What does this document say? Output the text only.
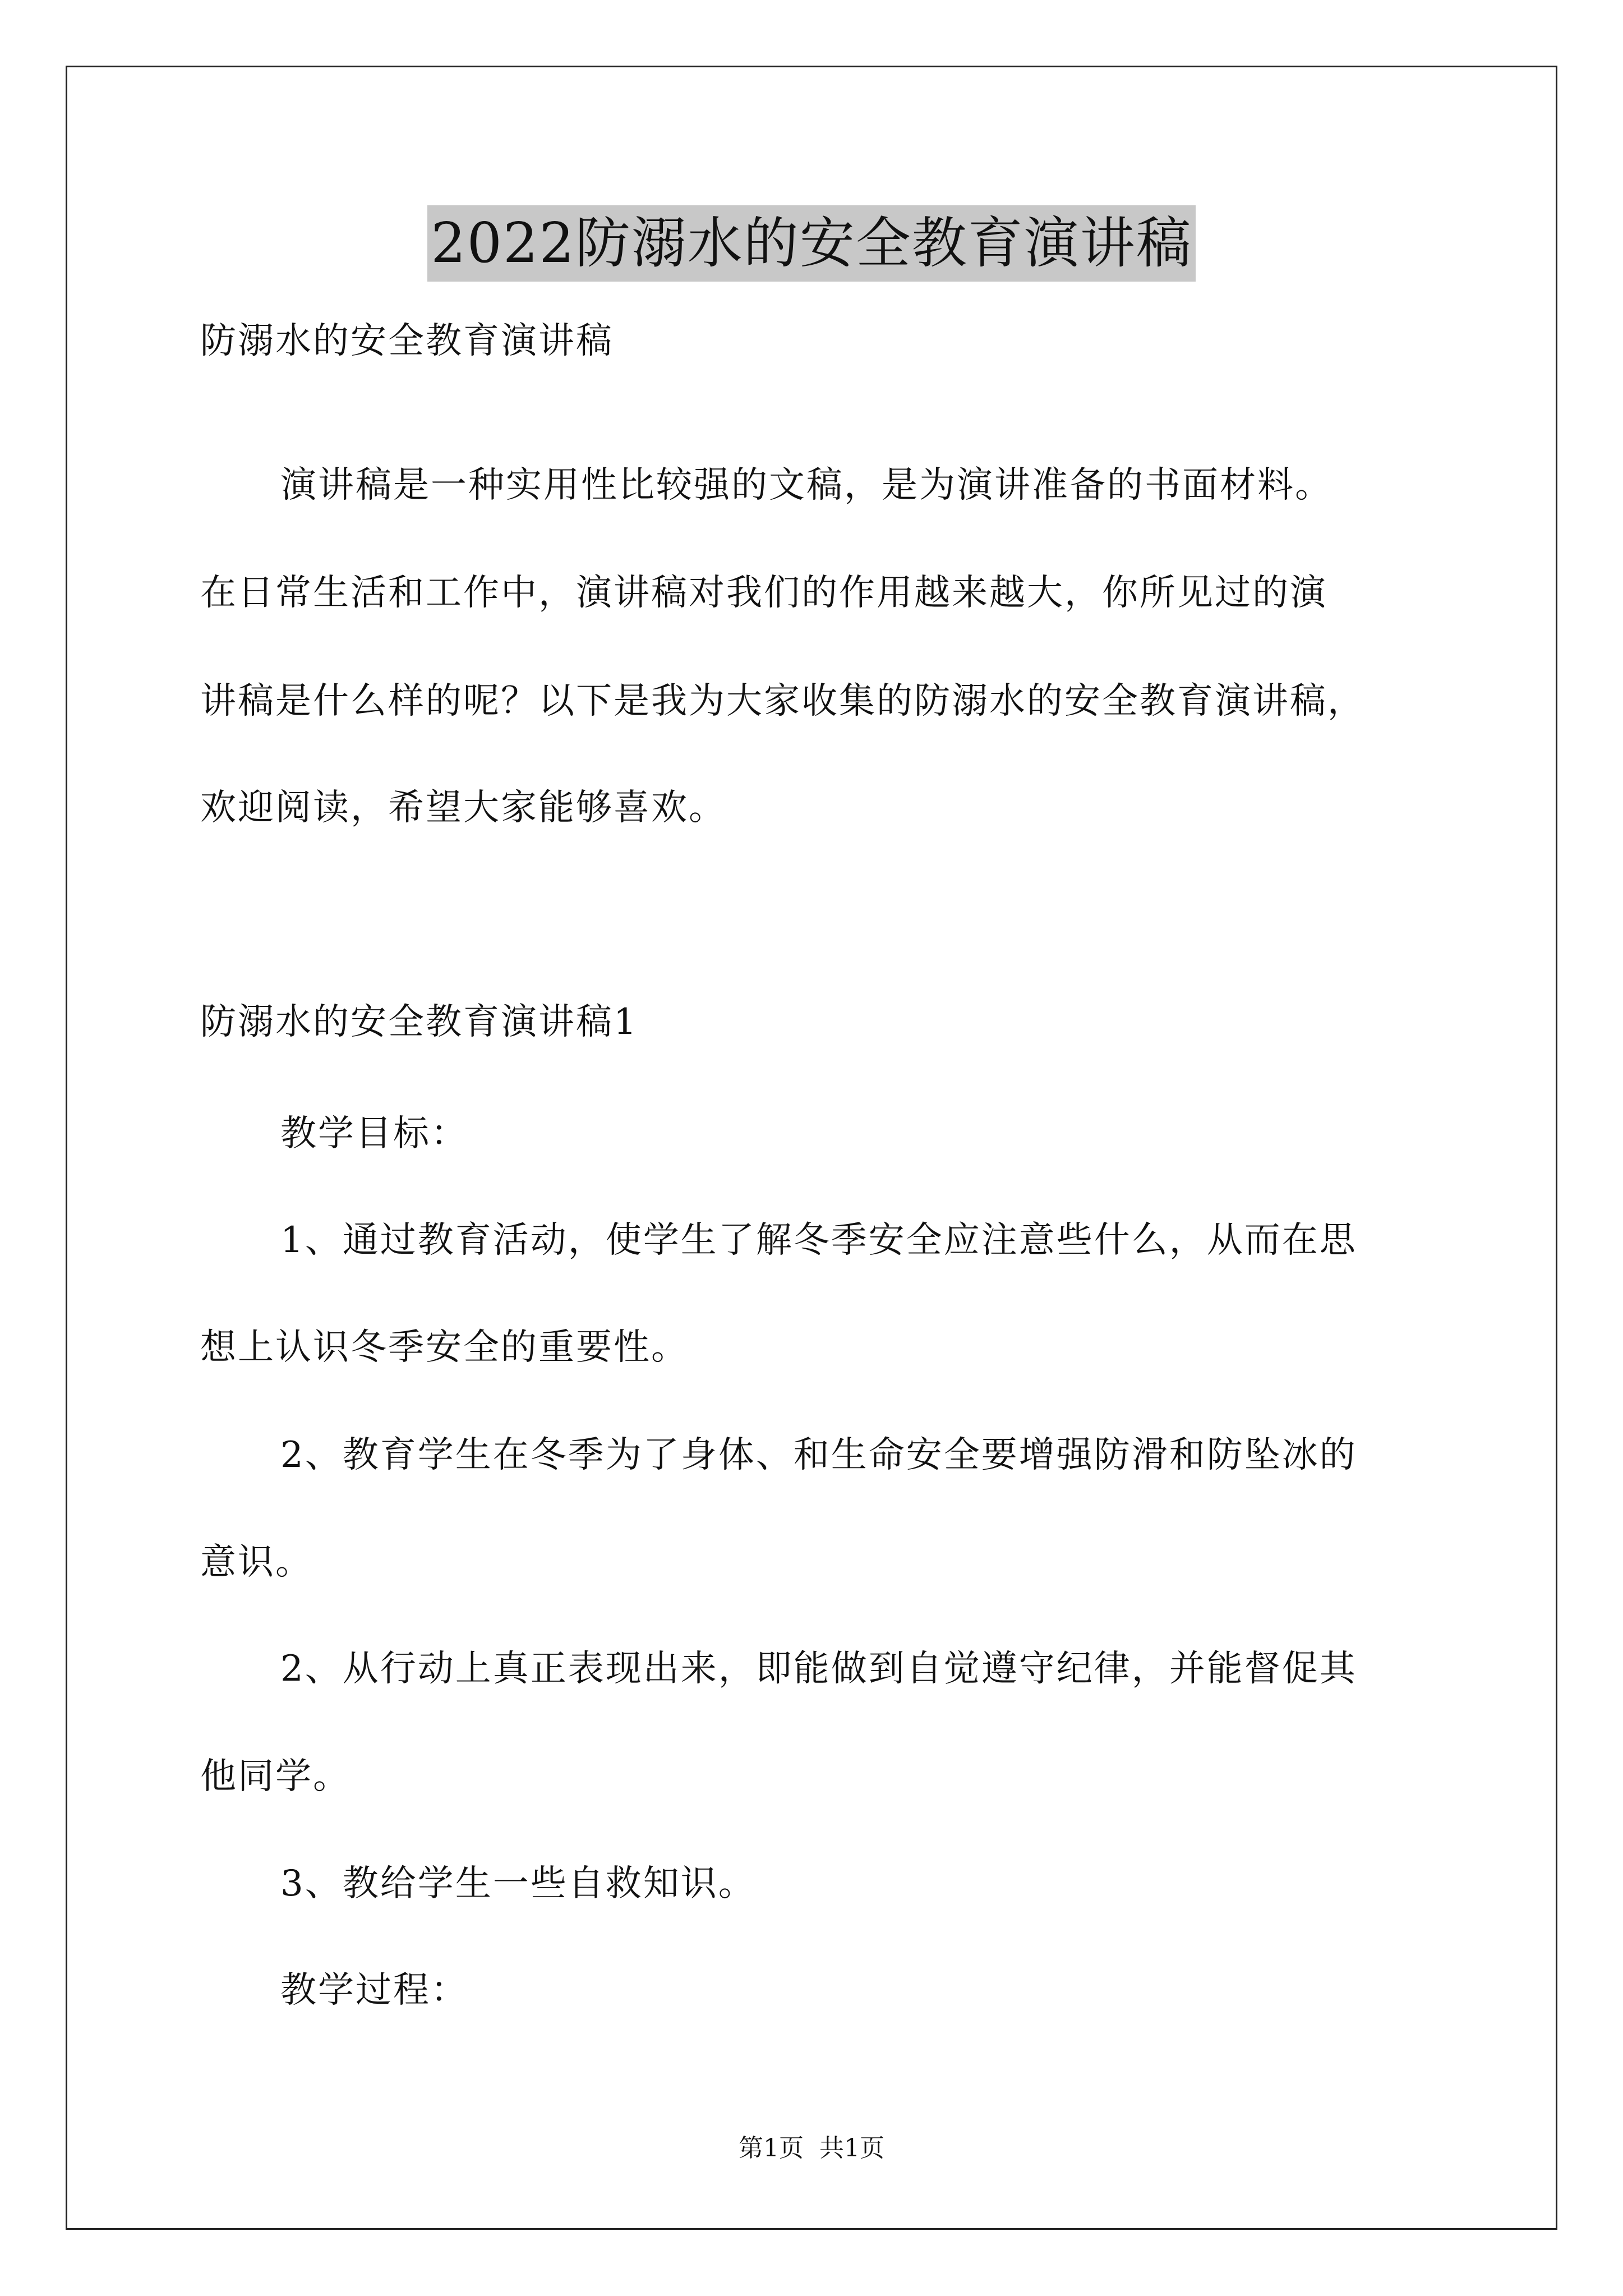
2022防溺水的安全教育演讲稿
防溺水的安全教育演讲稿
演讲稿是一种实用性比较强的文稿，是为演讲准备的书面材料。
在日常生活和工作中，演讲稿对我们的作用越来越大，你所见过的演
讲稿是什么样的呢？以下是我为大家收集的防溺水的安全教育演讲稿，
欢迎阅读，希望大家能够喜欢。
防溺水的安全教育演讲稿1
教学目标：
1、通过教育活动，使学生了解冬季安全应注意些什么，从而在思
想上认识冬季安全的重要性。
2、教育学生在冬季为了身体、和生命安全要增强防滑和防坠冰的
意识。
2、从行动上真正表现出来，即能做到自觉遵守纪律，并能督促其
他同学。
3、教给学生一些自救知识。
教学过程：
第1页 共1页
